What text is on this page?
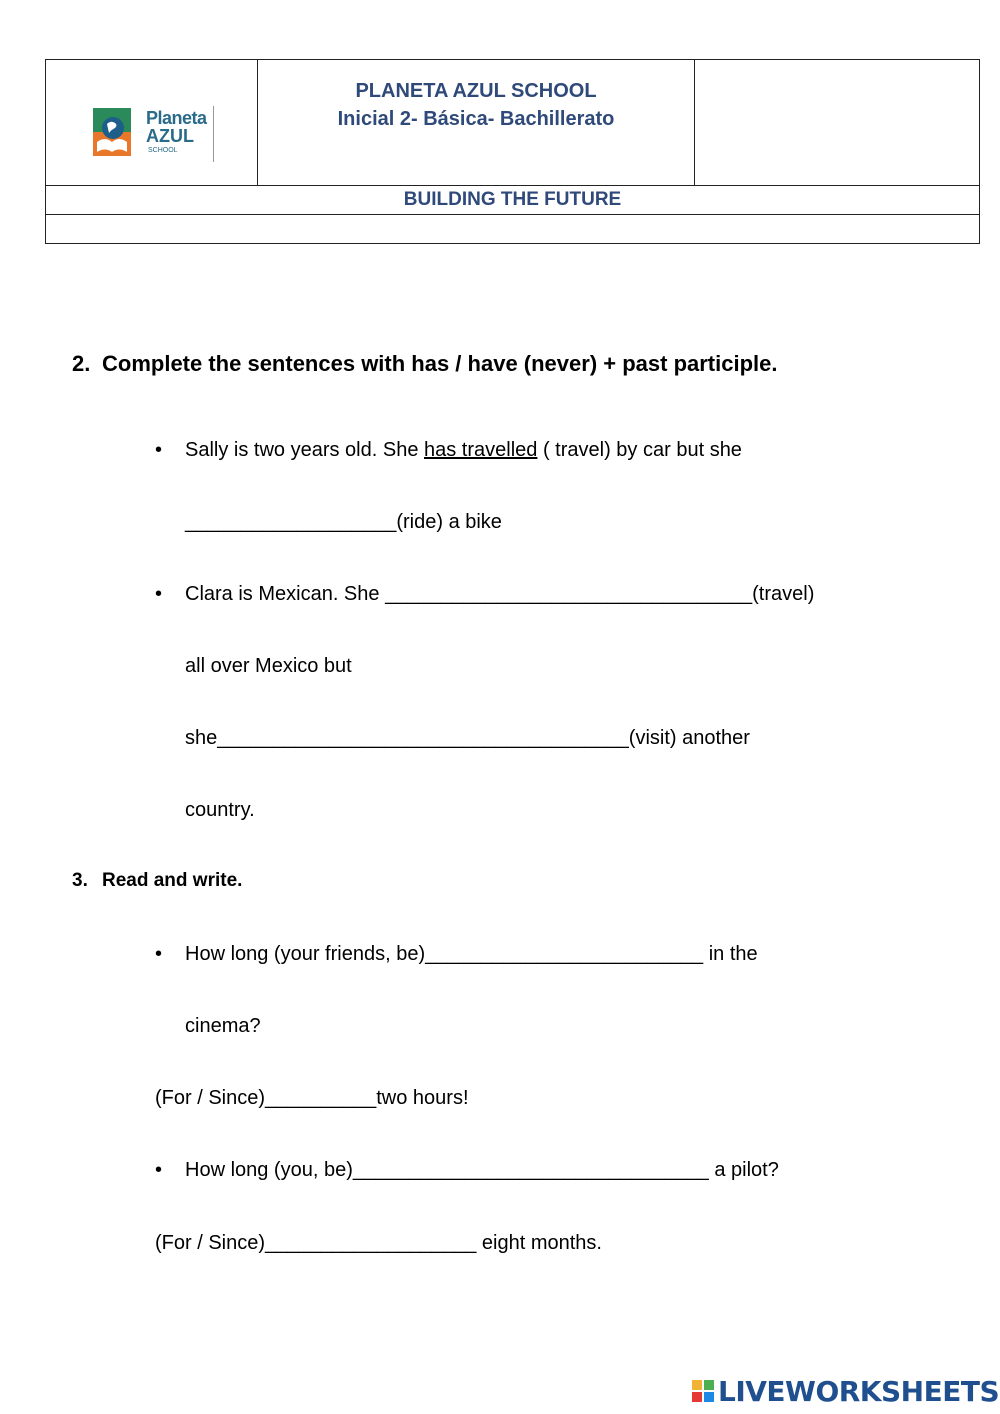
Planeta
AZUL
SCHOOL

PLANETA AZUL SCHOOL
Inicial 2- Básica- Bachillerato

BUILDING THE FUTURE

2. Complete the sentences with has / have (never) + past participle.
• Sally is two years old. She has travelled ( travel) by car but she
___________________(ride) a bike
• Clara is Mexican. She _________________________________(travel)
all over Mexico but
she_____________________________________(visit) another
country.
3. Read and write.
• How long (your friends, be)_________________________ in the
cinema?
(For / Since)__________two hours!
• How long (you, be)________________________________ a pilot?
(For / Since)___________________ eight months.
LIVEWORKSHEETS
